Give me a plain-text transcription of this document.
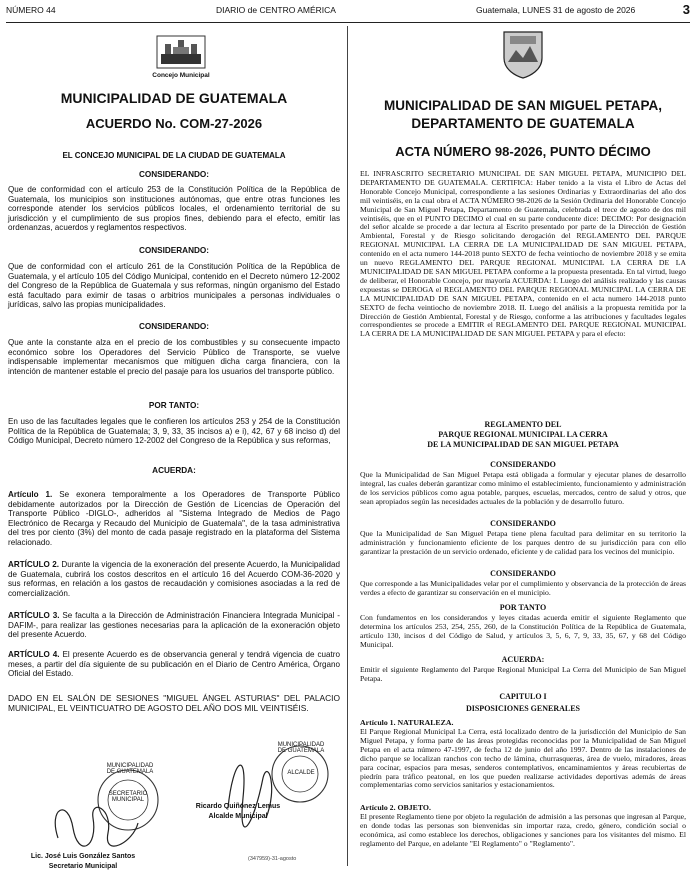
NÚMERO 44	DIARIO de CENTRO AMÉRICA	Guatemala, LUNES 31 de agosto de 2026	3
Concejo Municipal
MUNICIPALIDAD DE GUATEMALA
ACUERDO No. COM-27-2026
EL CONCEJO MUNICIPAL DE LA CIUDAD DE GUATEMALA
CONSIDERANDO:

Que de conformidad con el artículo 253 de la Constitución Política de la República de Guatemala, los municipios son instituciones autónomas, que entre otras funciones les corresponde atender los servicios públicos locales, el ordenamiento territorial de su jurisdicción y el cumplimiento de sus propios fines, debiendo para el efecto, emitir las ordenanzas, acuerdos y reglamentos respectivos.

CONSIDERANDO:

Que de conformidad con el artículo 261 de la Constitución Política de la República de Guatemala, y el artículo 105 del Código Municipal, contenido en el Decreto número 12-2002 del Congreso de la República de Guatemala y sus reformas, ningún organismo del Estado está facultado para eximir de tasas o arbitrios municipales a personas individuales o jurídicas, salvo las propias municipalidades.

CONSIDERANDO:

Que ante la constante alza en el precio de los combustibles y su consecuente impacto económico sobre los Operadores del Servicio Público de Transporte, se vuelve indispensable implementar mecanismos que mitiguen dicha carga financiera, con la intención de mantener estable el precio del pasaje para los usuarios del transporte público.

POR TANTO:

En uso de las facultades legales que le confieren los artículos 253 y 254 de la Constitución Política de la República de Guatemala; 3, 9, 33, 35 incisos a) e i), 42, 67 y 68 inciso d) del Código Municipal, Decreto número 12-2002 del Congreso de la República y sus reformas,

ACUERDA:

Artículo 1. Se exonera temporalmente a los Operadores de Transporte Público debidamente autorizados por la Dirección de Gestión de Licencias de Operación del Transporte Público -DIGLO-, adheridos al "Sistema Integrado de Medios de Pago Electrónico de Recarga y Recaudo del Municipio de Guatemala", de la tasa administrativa del tres por ciento (3%) del monto de cada pasaje registrado en la plataforma del Sistema relacionado.

ARTÍCULO 2. Durante la vigencia de la exoneración del presente Acuerdo, la Municipalidad de Guatemala, cubrirá los costos descritos en el artículo 16 del Acuerdo COM-36-2020 y sus reformas, en relación a los gastos de recaudación y comisiones asociadas a la red de comercialización.

ARTÍCULO 3. Se faculta a la Dirección de Administración Financiera Integrada Municipal -DAFIM-, para realizar las gestiones necesarias para la aplicación de la exoneración objeto del presente Acuerdo.

ARTÍCULO 4. El presente Acuerdo es de observancia general y tendrá vigencia de cuatro meses, a partir del día siguiente de su publicación en el Diario de Centro América, Órgano Oficial del Estado.

DADO EN EL SALÓN DE SESIONES "MIGUEL ÁNGEL ASTURIAS" DEL PALACIO MUNICIPAL, EL VEINTICUATRO DE AGOSTO DEL AÑO DOS MIL VEINTISÉIS.

SECRETARIO MUNICIPAL
MUNICIPALIDAD DE GUATEMALA	ALCALDE
MUNICIPALIDAD DE GUATEMALA
Ricardo Quiñónez Lemus
Alcalde Municipal
Lic. José Luis González Santos
Secretario Municipal
(347959)-31-agosto
MUNICIPALIDAD DE SAN MIGUEL PETAPA,
DEPARTAMENTO DE GUATEMALA
ACTA NÚMERO 98-2026, PUNTO DÉCIMO

EL INFRASCRITO SECRETARIO MUNICIPAL DE SAN MIGUEL PETAPA, MUNICIPIO DEL DEPARTAMENTO DE GUATEMALA. CERTIFICA: Haber tenido a la vista el Libro de Actas del Honorable Concejo Municipal, correspondiente a las sesiones Ordinarias y Extraordinarias del año dos mil veintiséis, en la cual obra el ACTA NÚMERO 98-2026 de la Sesión Ordinaria del Honorable Concejo Municipal de San Miguel Petapa, Departamento de Guatemala, celebrada el trece de agosto de dos mil veintiséis, que en el PUNTO DECIMO el cual en su parte conducente dice: DECIMO: Por designación del señor alcalde se procede a dar lectura al Escrito presentado por parte de la Dirección de Gestión Ambiental, Forestal y de Riesgo solicitando derogación del REGLAMENTO DEL PARQUE REGIONAL MUNICIPAL LA CERRA DE LA MUNICIPALIDAD DE SAN MIGUEL PETAPA, contenido en el acta numero 144-2018 punto SEXTO de fecha veintiocho de noviembre 2018 y se emita un nuevo REGLAMENTO DEL PARQUE REGIONAL MUNICIPAL LA CERRA DE LA MUNICIPALIDAD DE SAN MIGUEL PETAPA conforme a la propuesta presentada. En tal virtud, luego de deliberar, el Honorable Concejo, por mayoría ACUERDA: I. Luego del análisis realizado y las causas expuestas se DEROGA el REGLAMENTO DEL PARQUE REGIONAL MUNICIPAL LA CERRA DE LA MUNICIPALIDAD DE SAN MIGUEL PETAPA, contenido en el acta numero 144-2018 punto SEXTO de fecha veintiocho de noviembre 2018. II. Luego del análisis a la propuesta remitida por la Dirección de Gestión Ambiental, Forestal y de Riesgo, conforme a las atribuciones y facultades legales correspondientes se procede a EMITIR el REGLAMENTO DEL PARQUE REGIONAL MUNICIPAL LA CERRA DE LA MUNICIPALIDAD DE SAN MIGUEL PETAPA y para el efecto:

REGLAMENTO DEL
PARQUE REGIONAL MUNICIPAL LA CERRA
DE LA MUNICIPALIDAD DE SAN MIGUEL PETAPA
CONSIDERANDO

Que la Municipalidad de San Miguel Petapa está obligada a formular y ejecutar planes de desarrollo integral, las cuales deberán garantizar como mínimo el establecimiento, funcionamiento y administración de los servicios públicos como agua potable, parques, escuelas, mercados, centro de salud y otros, que sean apropiados según las necesidades actuales de la población y de desarrollo futuro.

CONSIDERANDO

Que la Municipalidad de San Miguel Petapa tiene plena facultad para delimitar en su territorio la administración y funcionamiento eficiente de los parques dentro de su jurisdicción para con ello garantizar la prestación de un servicio ordenado, eficiente y de calidad para los vecinos del municipio.

CONSIDERANDO

Que corresponde a las Municipalidades velar por el cumplimiento y observancia de la protección de áreas verdes a efecto de garantizar su conservación en el municipio.

POR TANTO

Con fundamentos en los considerandos y leyes citadas acuerda emitir el siguiente Reglamento que determina los artículos 253, 254, 255, 260, de la Constitución Política de la República de Guatemala, artículo 130, incisos d del Código de Salud, y artículos 3, 5, 6, 7, 9, 33, 35, 67, y 68 del Código Municipal.

ACUERDA:

Emitir el siguiente Reglamento del Parque Regional Municipal La Cerra del Municipio de San Miguel Petapa.

CAPITULO I
DISPOSICIONES GENERALES
Artículo 1. NATURALEZA.

El Parque Regional Municipal La Cerra, está localizado dentro de la jurisdicción del Municipio de San Miguel Petapa, y forma parte de las áreas protegidas reconocidas por la Municipalidad de San Miguel Petapa en el acta número 47-1997, de fecha 12 de junio del año 1997. Dentro de las instalaciones de dicho parque se localizan ranchos con techo de lámina, churrasqueras, área de vuelo, miradores, áreas para cocinar, espacios para mesas, senderos contemplativos, encaminamientos y áreas recubiertas de piedrín para tráfico peatonal, en los que pueden realizarse actividades deportivas además de áreas complementarias como servicios sanitarios y estacionamientos.

Artículo 2. OBJETO.

El presente Reglamento tiene por objeto la regulación de admisión a las personas que ingresan al Parque, en donde todas las personas son bienvenidas sin importar raza, credo, género, condición social o económica, así como establece los derechos, obligaciones y sanciones para los visitantes del mismo. El reglamento del Parque, en adelante "El Reglamento" o "Reglamento".
